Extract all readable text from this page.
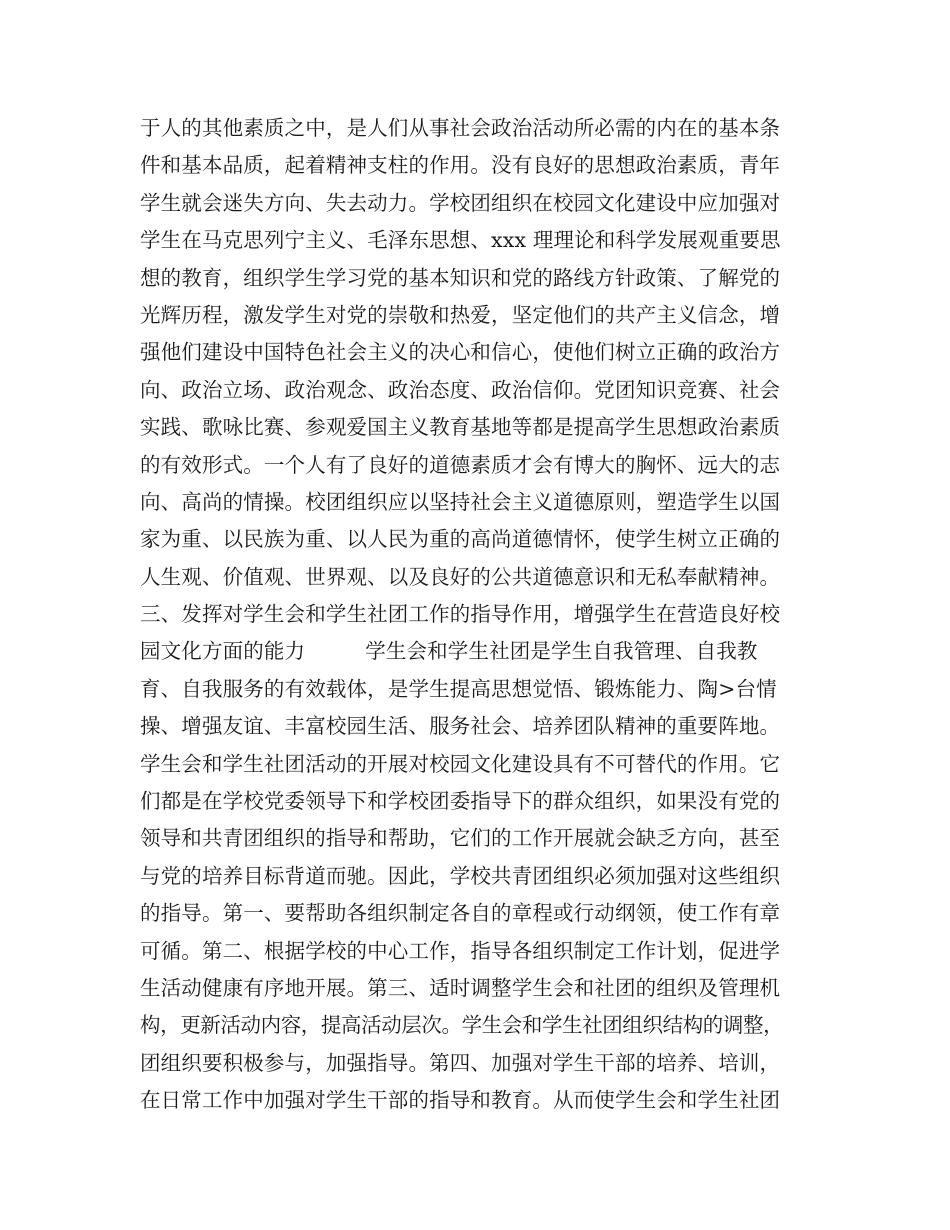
于人的其他素质之中，是人们从事社会政治活动所必需的内在的基本条
件和基本品质，起着精神支柱的作用。没有良好的思想政治素质，青年
学生就会迷失方向、失去动力。学校团组织在校园文化建设中应加强对
学生在马克思列宁主义、毛泽东思想、xxx 理理论和科学发展观重要思
想的教育，组织学生学习党的基本知识和党的路线方针政策、了解党的
光辉历程，激发学生对党的崇敬和热爱，坚定他们的共产主义信念，增
强他们建设中国特色社会主义的决心和信心，使他们树立正确的政治方
向、政治立场、政治观念、政治态度、政治信仰。党团知识竞赛、社会
实践、歌咏比赛、参观爱国主义教育基地等都是提高学生思想政治素质
的有效形式。一个人有了良好的道德素质才会有博大的胸怀、远大的志
向、高尚的情操。校团组织应以坚持社会主义道德原则，塑造学生以国
家为重、以民族为重、以人民为重的高尚道德情怀，使学生树立正确的
人生观、价值观、世界观、以及良好的公共道德意识和无私奉献精神。
三、发挥对学生会和学生社团工作的指导作用，增强学生在营造良好校
园文化方面的能力	学生会和学生社团是学生自我管理、自我教
育、自我服务的有效载体，是学生提高思想觉悟、锻炼能力、陶>台情
操、增强友谊、丰富校园生活、服务社会、培养团队精神的重要阵地。
学生会和学生社团活动的开展对校园文化建设具有不可替代的作用。它
们都是在学校党委领导下和学校团委指导下的群众组织，如果没有党的
领导和共青团组织的指导和帮助，它们的工作开展就会缺乏方向，甚至
与党的培养目标背道而驰。因此，学校共青团组织必须加强对这些组织
的指导。第一、要帮助各组织制定各自的章程或行动纲领，使工作有章
可循。第二、根据学校的中心工作，指导各组织制定工作计划，促进学
生活动健康有序地开展。第三、适时调整学生会和社团的组织及管理机
构，更新活动内容，提高活动层次。学生会和学生社团组织结构的调整，
团组织要积极参与，加强指导。第四、加强对学生干部的培养、培训，
在日常工作中加强对学生干部的指导和教育。从而使学生会和学生社团
